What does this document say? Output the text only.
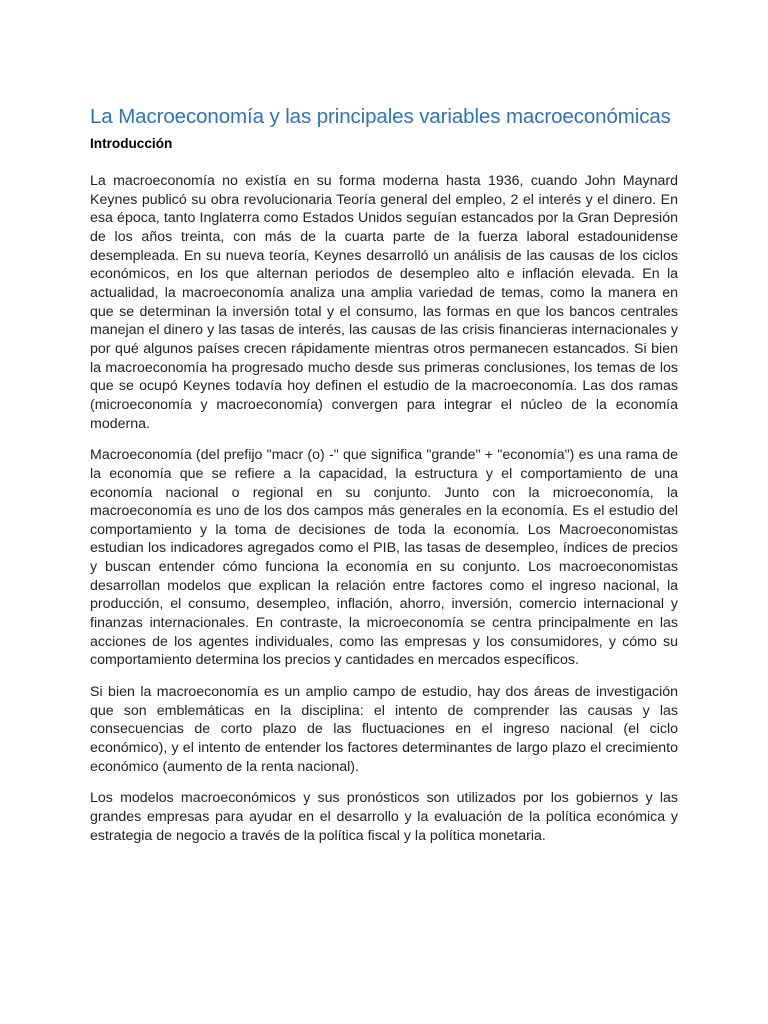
La Macroeconomía y las principales variables macroeconómicas
Introducción

La macroeconomía no existía en su forma moderna hasta 1936, cuando John Maynard Keynes publicó su obra revolucionaria Teoría general del empleo, 2 el interés y el dinero. En esa época, tanto Inglaterra como Estados Unidos seguían estancados por la Gran Depresión de los años treinta, con más de la cuarta parte de la fuerza laboral estadounidense desempleada. En su nueva teoría, Keynes desarrolló un análisis de las causas de los ciclos económicos, en los que alternan periodos de desempleo alto e inflación elevada. En la actualidad, la macroeconomía analiza una amplia variedad de temas, como la manera en que se determinan la inversión total y el consumo, las formas en que los bancos centrales manejan el dinero y las tasas de interés, las causas de las crisis financieras internacionales y por qué algunos países crecen rápidamente mientras otros permanecen estancados. Si bien la macroeconomía ha progresado mucho desde sus primeras conclusiones, los temas de los que se ocupó Keynes todavía hoy definen el estudio de la macroeconomía. Las dos ramas (microeconomía y macroeconomía) convergen para integrar el núcleo de la economía moderna.

Macroeconomía (del prefijo "macr (o) -" que significa "grande" + "economía") es una rama de la economía que se refiere a la capacidad, la estructura y el comportamiento de una economía nacional o regional en su conjunto. Junto con la microeconomía, la macroeconomía es uno de los dos campos más generales en la economía. Es el estudio del comportamiento y la toma de decisiones de toda la economía. Los Macroeconomistas estudian los indicadores agregados como el PIB, las tasas de desempleo, índices de precios y buscan entender cómo funciona la economía en su conjunto. Los macroeconomistas desarrollan modelos que explican la relación entre factores como el ingreso nacional, la producción, el consumo, desempleo, inflación, ahorro, inversión, comercio internacional y finanzas internacionales. En contraste, la microeconomía se centra principalmente en las acciones de los agentes individuales, como las empresas y los consumidores, y cómo su comportamiento determina los precios y cantidades en mercados específicos.

Si bien la macroeconomía es un amplio campo de estudio, hay dos áreas de investigación que son emblemáticas en la disciplina: el intento de comprender las causas y las consecuencias de corto plazo de las fluctuaciones en el ingreso nacional (el ciclo económico), y el intento de entender los factores determinantes de largo plazo el crecimiento económico (aumento de la renta nacional).

Los modelos macroeconómicos y sus pronósticos son utilizados por los gobiernos y las grandes empresas para ayudar en el desarrollo y la evaluación de la política económica y estrategia de negocio a través de la política fiscal y la política monetaria.
